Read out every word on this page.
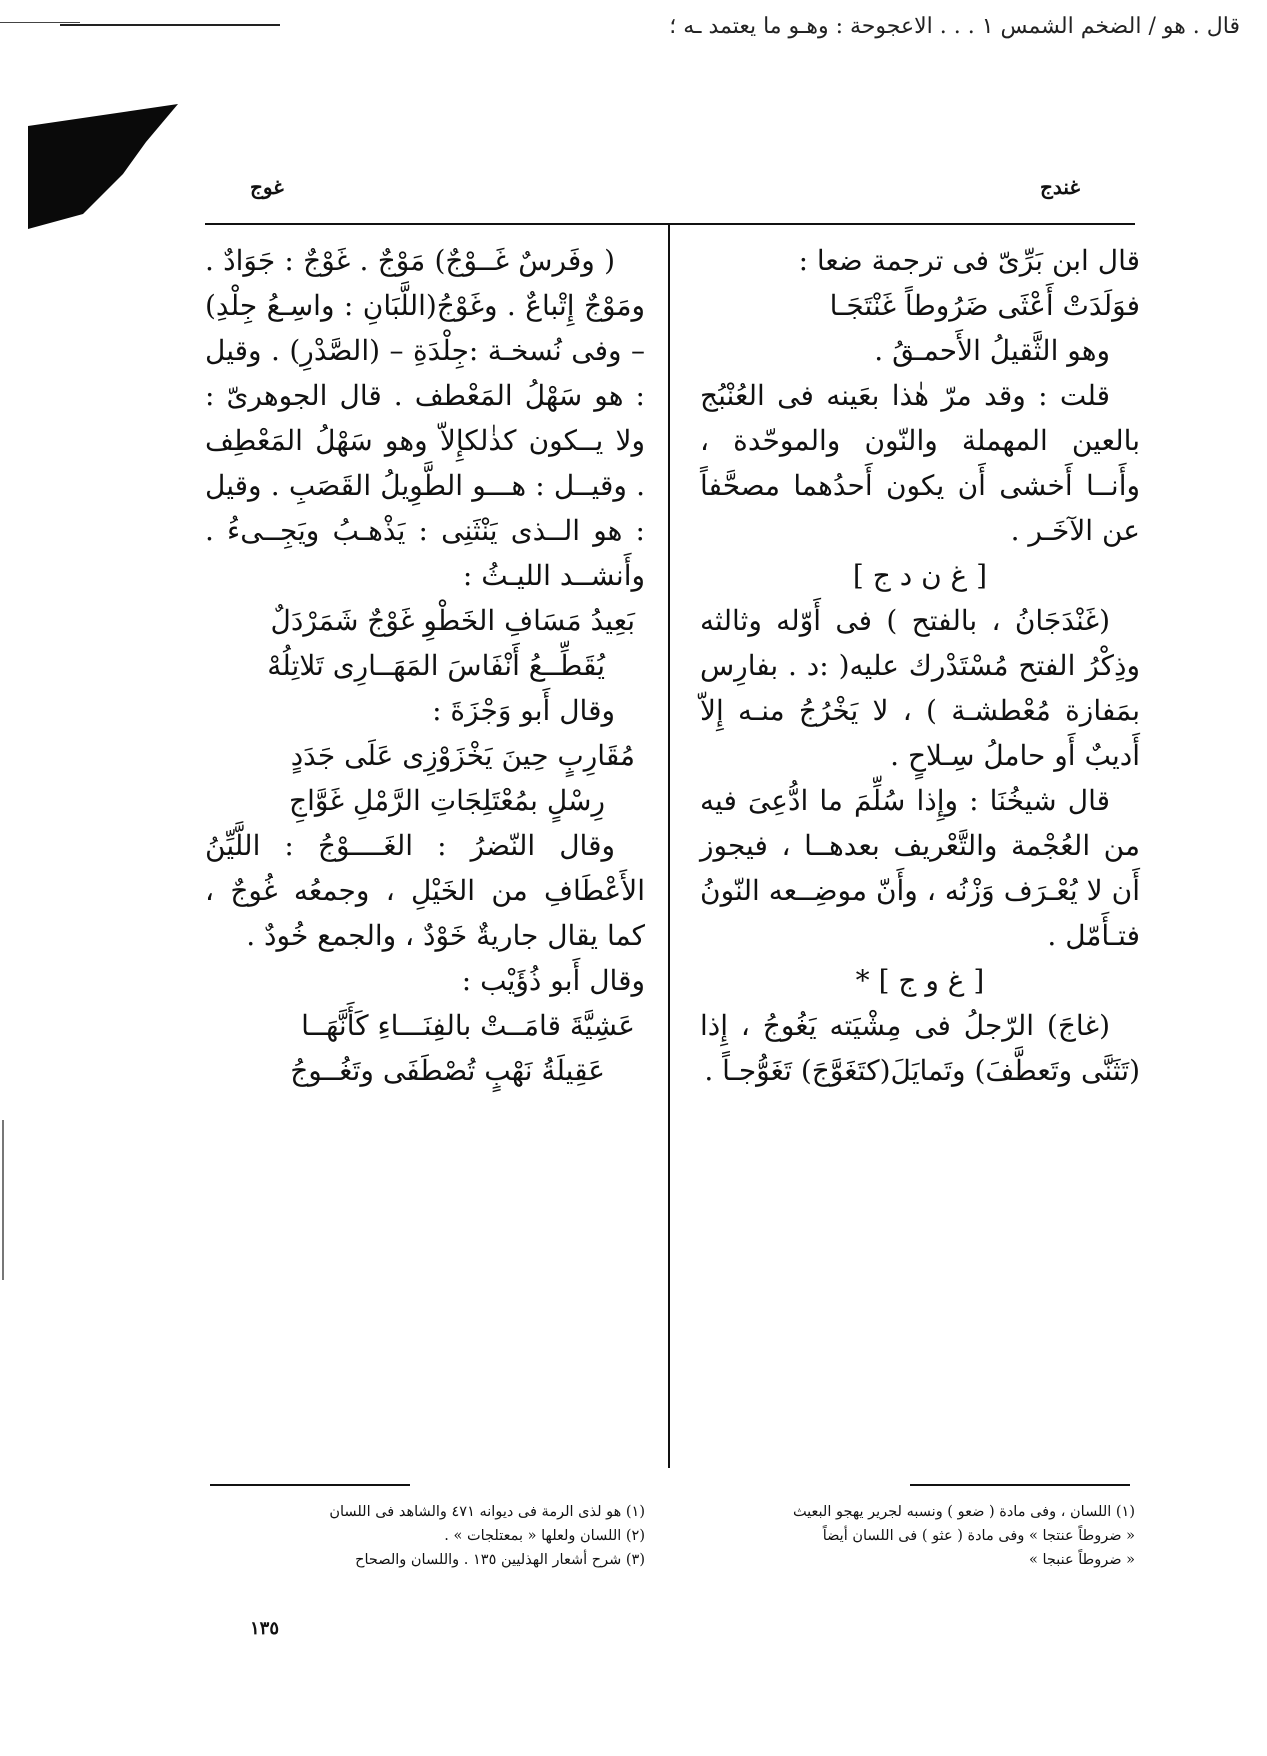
قال . هو / الضخم الشمس ١ . . . الاعجوحة : وهـو ما يعتمد ـه ؛
غندج
غوج

قال ابن بَرِّىّ فى ترجمة ضعا :

فوَلَدَتْ أَعْثَى ضَرُوطاً غَنْتَجَـا

وهو الثَّقيلُ الأَحمـقُ .

قلت : وقد مرّ هٰذا بعَينه فى العُنْبُج بالعين المهملة والنّون والموحّدة ، وأَنــا أَخشى أَن يكون أَحدُهما مصحَّفاً عن الآخَـر .

[ غ ن د ج ]

(غَنْدَجَانُ ، بالفتح ) فى أَوّله وثالثه وذِكْرُ الفتح مُسْتَدْرك عليه( :د . بفارِس بمَفازة مُعْطشـة ) ، لا يَخْرُجُ منـه إِلاّ أَديبٌ أَو حاملُ سِـلاحٍ .

قال شيخُنَا : وإِذا سُلِّمَ ما ادُّعِىَ فيه من العُجْمة والتَّعْريف بعدهــا ، فيجوز أَن لا يُعْـرَف وَزْنُه ، وأَنّ موضِــعه النّونُ فتـأَمّل .

[ غ و ج ] *

(غاجَ) الرّجلُ فى مِشْيَته يَغُوجُ ، إِذا (تَثَنَّى وتَعطَّفَ) وتَمايَلَ(كتَغَوَّجَ) تَغَوُّجـاً .

( وفَرسٌ غَــوْجٌ) مَوْجٌ . غَوْجٌ : جَوَادٌ . ومَوْجٌ إِتْباعٌ . وغَوْجُ(اللَّبَانِ : واسِـعُ جِلْدِ) – وفى نُسخـة :جِلْدَةِ – (الصَّدْرِ) . وقيل : هو سَهْلُ المَعْطف . قال الجوهرىّ : ولا يــكون كذٰلكإِلاّ وهو سَهْلُ المَعْطِف . وقيــل : هـــو الطَّوِيلُ القَصَبِ . وقيل : هو الــذى يَنْثَنِى : يَذْهـبُ ويَجِــىءُ . وأَنشــد الليـثُ :

بَعِيدُ مَسَافِ الخَطْوِ غَوْجٌ شَمَرْدَلٌ

يُقَطِّــعُ أَنْفَاسَ المَهَــارِى تَلاتِلُهْ

وقال أَبو وَجْزَةَ :

مُقَارِبٍ حِينَ يَخْزَوْزِى عَلَى جَدَدٍ

رِسْلٍ بمُعْتَلِجَاتِ الرَّمْلِ غَوَّاجِ

وقال النّضرُ : الغَــــوْجُ : اللَّيِّنُ الأَعْطَافِ من الخَيْلِ ، وجمعُه غُوجٌ ، كما يقال جاريةٌ خَوْدٌ ، والجمع خُودٌ .

وقال أَبو ذُؤَيْب :

عَشِيَّةَ قامَــتْ بالفِنَـــاءِ كَأَنَّهَــا

عَقِيلَةُ نَهْبٍ تُصْطَفَى وتَغُــوجُ

(١) اللسان ، وفى مادة ( ضعو ) ونسبه لجرير يهجو البعيث

« ضروطاً عنتجا » وفى مادة ( عثو ) فى اللسان أيضاً

« ضروطاً عنبجا »

(١) هو لذى الرمة فى ديوانه ٤٧١ والشاهد فى اللسان

(٢) اللسان ولعلها « بمعتلجات » .

(٣) شرح أشعار الهذليين ١٣٥ . واللسان والصحاح

١٣٥
